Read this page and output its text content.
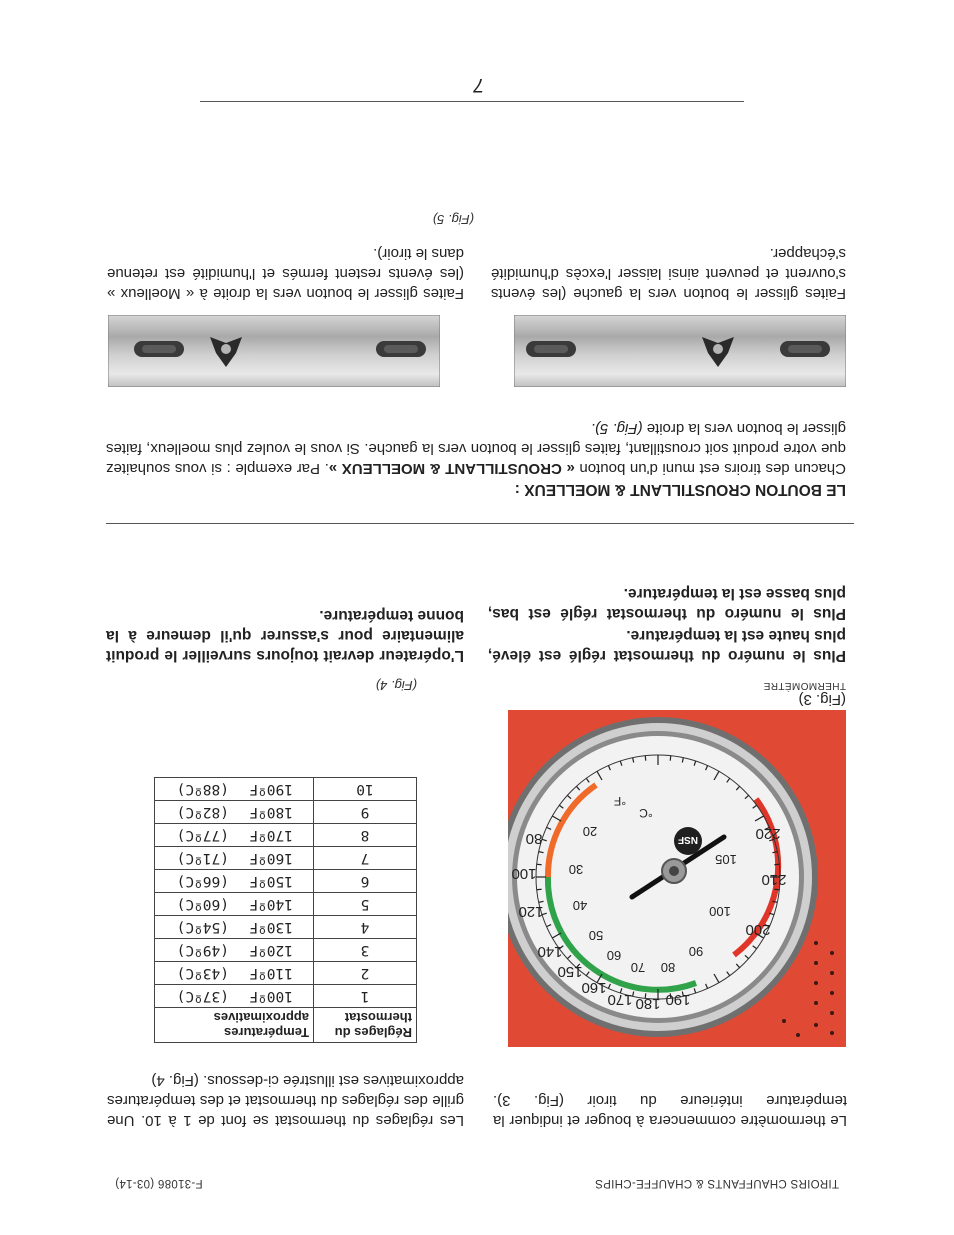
TIROIRS CHAUFFANTS & CHAUFFE-CHIPS
F-31086 (03-14)
Le thermomètre commencera à bouger et indiquer la température intérieure du tiroir (Fig. 3).
80
100
120
140
150
160
170 180 190
200
210
220
20
30
40
50
60
70 80
90
100
105
°C
°F
NSF
(Fig. 3)
THERMOMÈTRE
Plus le numéro du thermostat réglé est élevé, plus haute est la température.
Plus le numéro du thermostat réglé est bas, plus basse est la température.
Les réglages du thermostat se font de 1 à 10. Une grille des réglages du thermostat et des températures approximatives est illustrée ci-dessous. (Fig. 4)
Réglages du thermostat	Températures approximatives
1	100ºF(37ºC)
2	110ºF(43ºC)
3	120ºF(49ºC)
4	130ºF(54ºC)
5	140ºF(60ºC)
6	150ºF(66ºC)
7	160ºF(71ºC)
8	170ºF(77ºC)
9	180ºF(82ºC)
10	190ºF(88ºC)
(Fig. 4)
L'opérateur devrait toujours surveiller le produit alimentaire pour s'assurer qu'il demeure à la bonne température.
LE BOUTON CROUSTILLANT & MOELLEUX :
Chacun des tiroirs est muni d'un bouton « CROUSTILLANT & MOELLEUX ». Par exemple : si vous souhaitez que votre produit soit croustillant, faites glisser le bouton vers la gauche. Si vous le voulez plus moelleux, faites glisser le bouton vers la droite (Fig. 5).
Faites glisser le bouton vers la gauche (les évents s'ouvrent et peuvent ainsi laisser l'excès d'humidité s'échapper.
Faites glisser le bouton vers la droite à « Moelleux » (les évents restent fermés et l'humidité est retenue dans le tiroir).
(Fig. 5)
7
